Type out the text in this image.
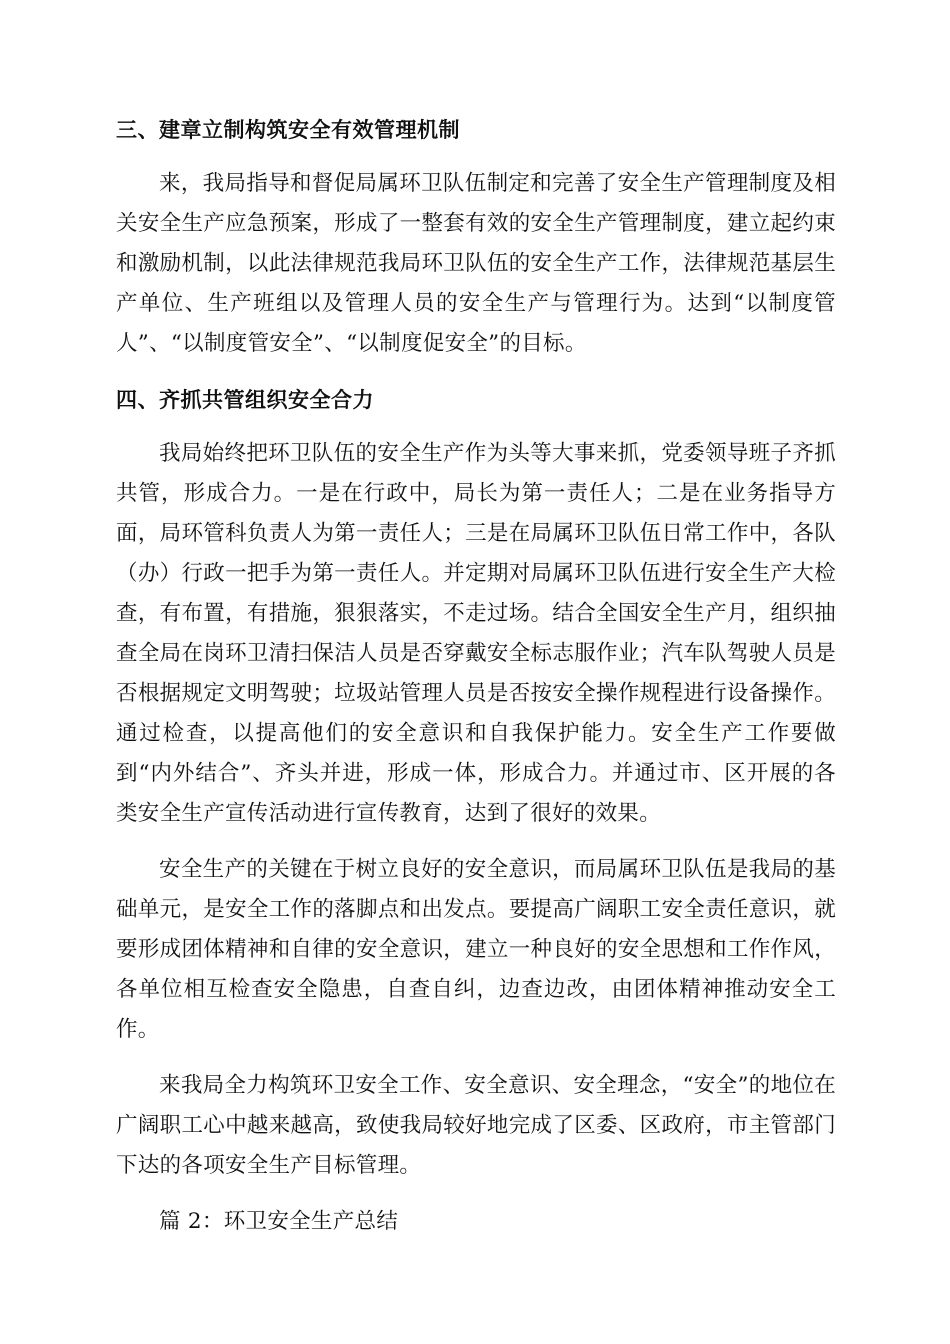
三、建章立制构筑安全有效管理机制

来，我局指导和督促局属环卫队伍制定和完善了安全生产管理制度及相关安全生产应急预案，形成了一整套有效的安全生产管理制度，建立起约束和激励机制，以此法律规范我局环卫队伍的安全生产工作，法律规范基层生产单位、生产班组以及管理人员的安全生产与管理行为。达到“以制度管人”、“以制度管安全”、“以制度促安全”的目标。

四、齐抓共管组织安全合力

我局始终把环卫队伍的安全生产作为头等大事来抓，党委领导班子齐抓共管，形成合力。一是在行政中，局长为第一责任人；二是在业务指导方面，局环管科负责人为第一责任人；三是在局属环卫队伍日常工作中，各队（办）行政一把手为第一责任人。并定期对局属环卫队伍进行安全生产大检查，有布置，有措施，狠狠落实，不走过场。结合全国安全生产月，组织抽查全局在岗环卫清扫保洁人员是否穿戴安全标志服作业；汽车队驾驶人员是否根据规定文明驾驶；垃圾站管理人员是否按安全操作规程进行设备操作。通过检查，以提高他们的安全意识和自我保护能力。安全生产工作要做到“内外结合”、齐头并进，形成一体，形成合力。并通过市、区开展的各类安全生产宣传活动进行宣传教育，达到了很好的效果。

安全生产的关键在于树立良好的安全意识，而局属环卫队伍是我局的基础单元，是安全工作的落脚点和出发点。要提高广阔职工安全责任意识，就要形成团体精神和自律的安全意识，建立一种良好的安全思想和工作作风，各单位相互检查安全隐患，自查自纠，边查边改，由团体精神推动安全工作。

来我局全力构筑环卫安全工作、安全意识、安全理念，“安全”的地位在广阔职工心中越来越高，致使我局较好地完成了区委、区政府，市主管部门下达的各项安全生产目标管理。

篇 2：环卫安全生产总结
